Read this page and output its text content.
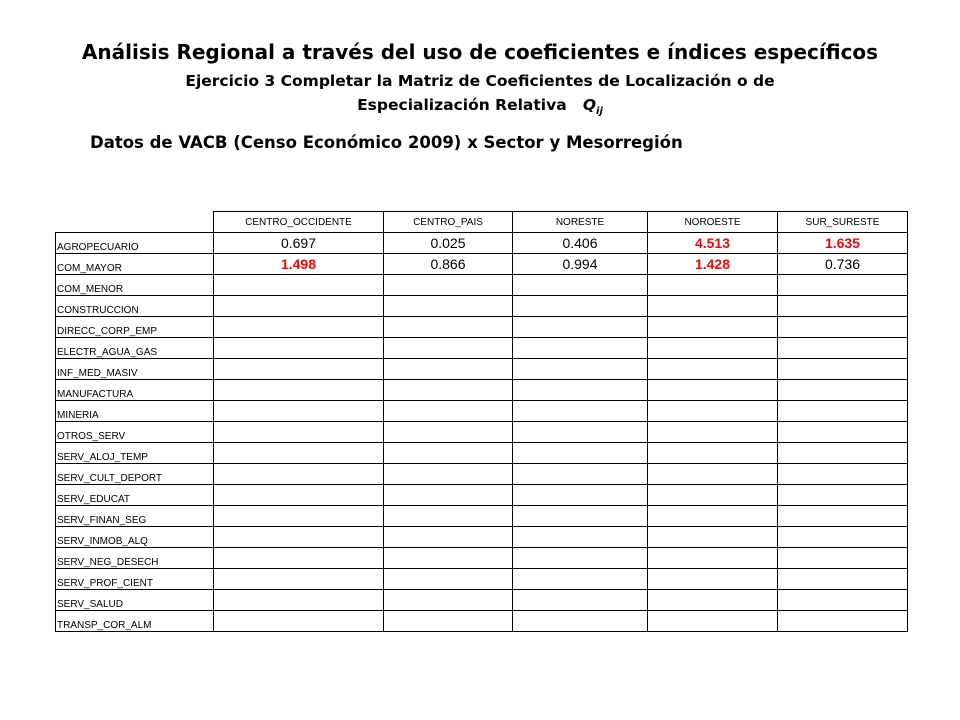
Análisis Regional a través del uso de coeficientes e índices específicos
Ejercicio 3 Completar la Matriz de Coeficientes de Localización o de
Especialización Relativa $Q_{ij}$
Datos de VACB (Censo Económico 2009) x Sector y Mesorregión
	CENTRO_OCCIDENTE	CENTRO_PAIS	NORESTE	NOROESTE	SUR_SURESTE
AGROPECUARIO	0.697	0.025	0.406	4.513	1.635
COM_MAYOR	1.498	0.866	0.994	1.428	0.736
COM_MENOR					
CONSTRUCCION					
DIRECC_CORP_EMP					
ELECTR_AGUA_GAS					
INF_MED_MASIV					
MANUFACTURA					
MINERIA					
OTROS_SERV					
SERV_ALOJ_TEMP					
SERV_CULT_DEPORT					
SERV_EDUCAT					
SERV_FINAN_SEG					
SERV_INMOB_ALQ					
SERV_NEG_DESECH					
SERV_PROF_CIENT					
SERV_SALUD					
TRANSP_COR_ALM					
